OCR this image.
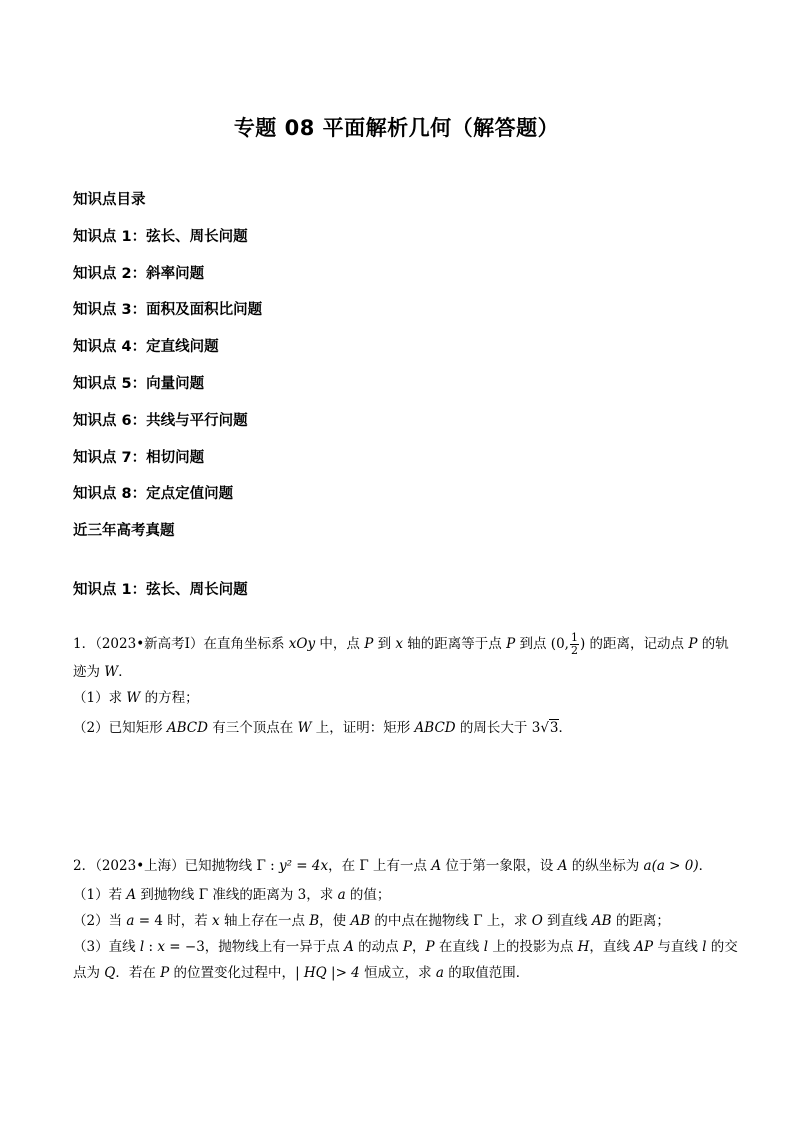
专题 08 平面解析几何（解答题）
知识点目录
知识点 1：弦长、周长问题
知识点 2：斜率问题
知识点 3：面积及面积比问题
知识点 4：定直线问题
知识点 5：向量问题
知识点 6：共线与平行问题
知识点 7：相切问题
知识点 8：定点定值问题
近三年高考真题
知识点 1：弦长、周长问题
1．（2023•新高考Ⅰ）在直角坐标系 xOy 中，点 P 到 x 轴的距离等于点 P 到点 (0, $\frac{1}{2}$ ) 的距离，记动点 P 的轨
迹为 W．
（1）求 W 的方程；
（2）已知矩形 ABCD 有三个顶点在 W 上，证明：矩形 ABCD 的周长大于 3√3．
2．（2023•上海）已知抛物线 Γ : y² = 4x，在 Γ 上有一点 A 位于第一象限，设 A 的纵坐标为 a(a > 0)．
（1）若 A 到抛物线 Γ 准线的距离为 3，求 a 的值；
（2）当 a = 4 时，若 x 轴上存在一点 B，使 AB 的中点在抛物线 Γ 上，求 O 到直线 AB 的距离；
（3）直线 l : x = −3，抛物线上有一异于点 A 的动点 P，P 在直线 l 上的投影为点 H，直线 AP 与直线 l 的交
点为 Q．若在 P 的位置变化过程中，| HQ |> 4 恒成立，求 a 的取值范围．
